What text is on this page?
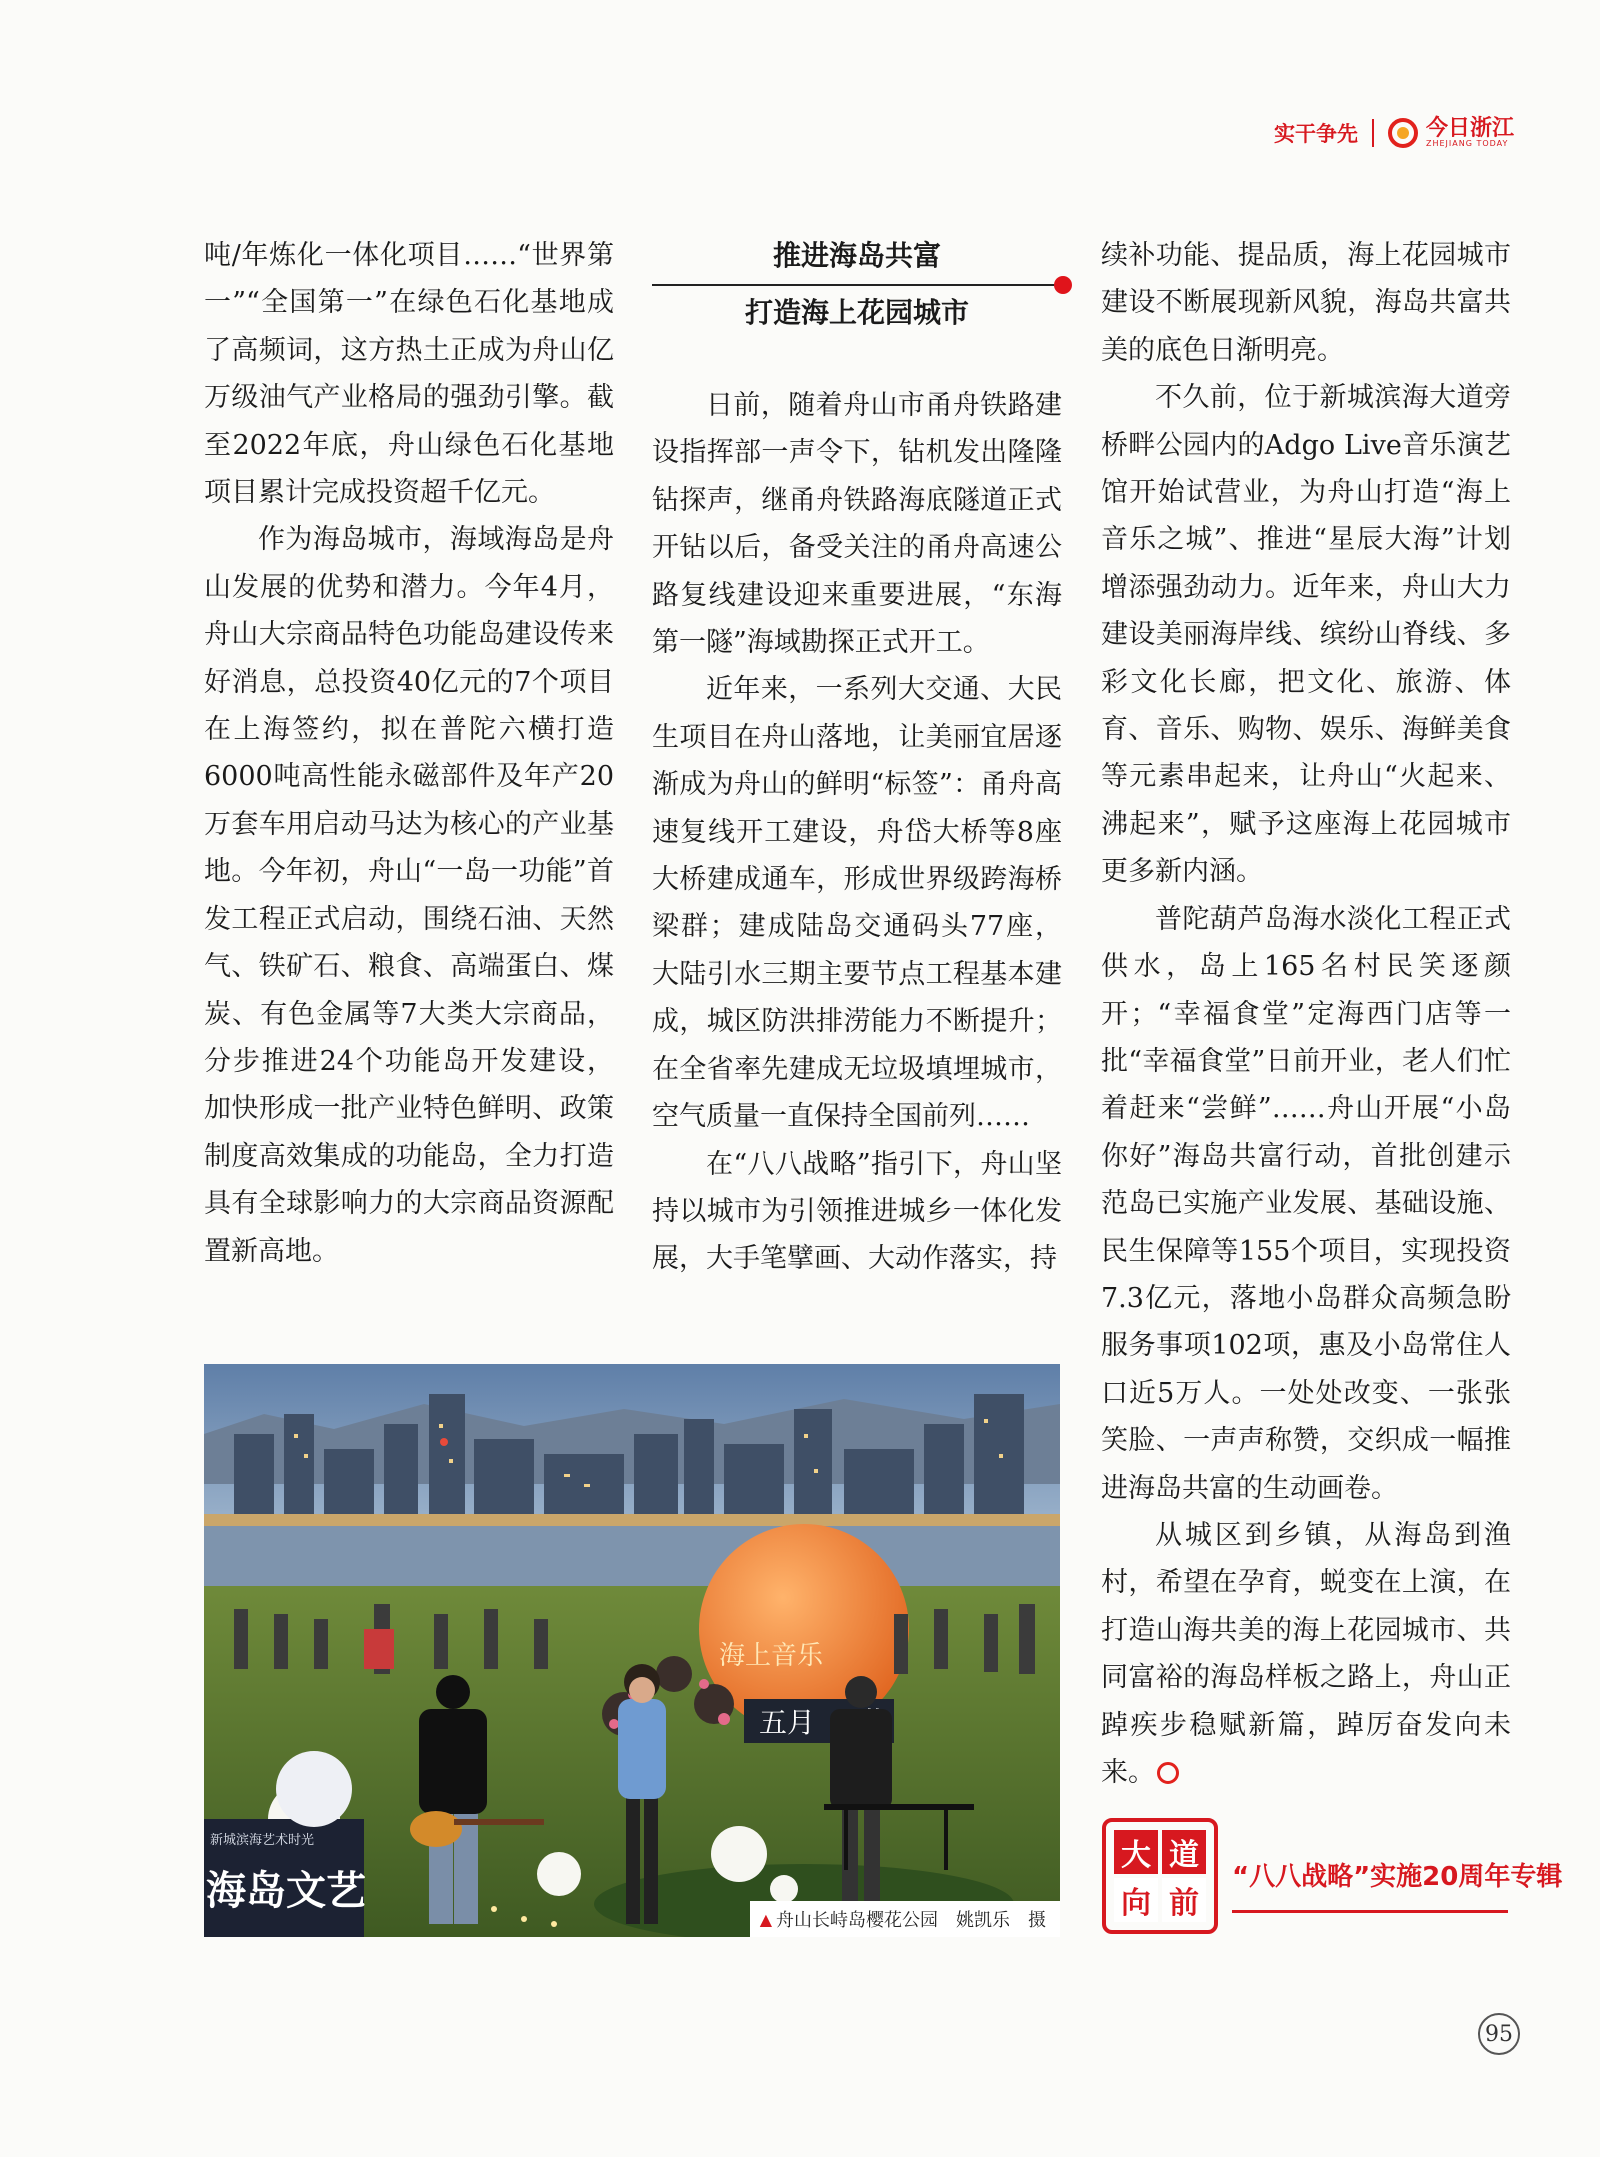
实干争先	今日浙江
ZHEJIANG TODAY

吨/年炼化一体化项目……“世界第一”“全国第一”在绿色石化基地成了高频词，这方热土正成为舟山亿万级油气产业格局的强劲引擎。截至2022年底，舟山绿色石化基地项目累计完成投资超千亿元。

作为海岛城市，海域海岛是舟山发展的优势和潜力。今年4月，舟山大宗商品特色功能岛建设传来好消息，总投资40亿元的7个项目在上海签约，拟在普陀六横打造6000吨高性能永磁部件及年产20万套车用启动马达为核心的产业基地。今年初，舟山“一岛一功能”首发工程正式启动，围绕石油、天然气、铁矿石、粮食、高端蛋白、煤炭、有色金属等7大类大宗商品，分步推进24个功能岛开发建设，加快形成一批产业特色鲜明、政策制度高效集成的功能岛，全力打造具有全球影响力的大宗商品资源配置新高地。

推进海岛共富
打造海上花园城市

日前，随着舟山市甬舟铁路建设指挥部一声令下，钻机发出隆隆钻探声，继甬舟铁路海底隧道正式开钻以后，备受关注的甬舟高速公路复线建设迎来重要进展，“东海第一隧”海域勘探正式开工。

近年来，一系列大交通、大民生项目在舟山落地，让美丽宜居逐渐成为舟山的鲜明“标签”：甬舟高速复线开工建设，舟岱大桥等8座大桥建成通车，形成世界级跨海桥梁群；建成陆岛交通码头77座，大陆引水三期主要节点工程基本建成，城区防洪排涝能力不断提升；在全省率先建成无垃圾填埋城市，空气质量一直保持全国前列……

在“八八战略”指引下，舟山坚持以城市为引领推进城乡一体化发展，大手笔擘画、大动作落实，持

续补功能、提品质，海上花园城市建设不断展现新风貌，海岛共富共美的底色日渐明亮。

不久前，位于新城滨海大道旁桥畔公园内的Adgo Live音乐演艺馆开始试营业，为舟山打造“海上音乐之城”、推进“星辰大海”计划增添强劲动力。近年来，舟山大力建设美丽海岸线、缤纷山脊线、多彩文化长廊，把文化、旅游、体育、音乐、购物、娱乐、海鲜美食等元素串起来，让舟山“火起来、沸起来”，赋予这座海上花园城市更多新内涵。

普陀葫芦岛海水淡化工程正式供水，岛上165名村民笑逐颜开；“幸福食堂”定海西门店等一批“幸福食堂”日前开业，老人们忙着赶来“尝鲜”……舟山开展“小岛你好”海岛共富行动，首批创建示范岛已实施产业发展、基础设施、民生保障等155个项目，实现投资7.3亿元，落地小岛群众高频急盼服务事项102项，惠及小岛常住人口近5万人。一处处改变、一张张笑脸、一声声称赞，交织成一幅推进海岛共富的生动画卷。

从城区到乡镇，从海岛到渔村，希望在孕育，蜕变在上演，在打造山海共美的海上花园城市、共同富裕的海岛样板之路上，舟山正踔疾步稳赋新篇，踔厉奋发向未来。

海上音乐
五月
新城滨海艺术时光
海岛文艺
▲ 舟山长峙岛樱花公园　姚凯乐　摄
大 道
向 前
“八八战略”实施20周年专辑
95
